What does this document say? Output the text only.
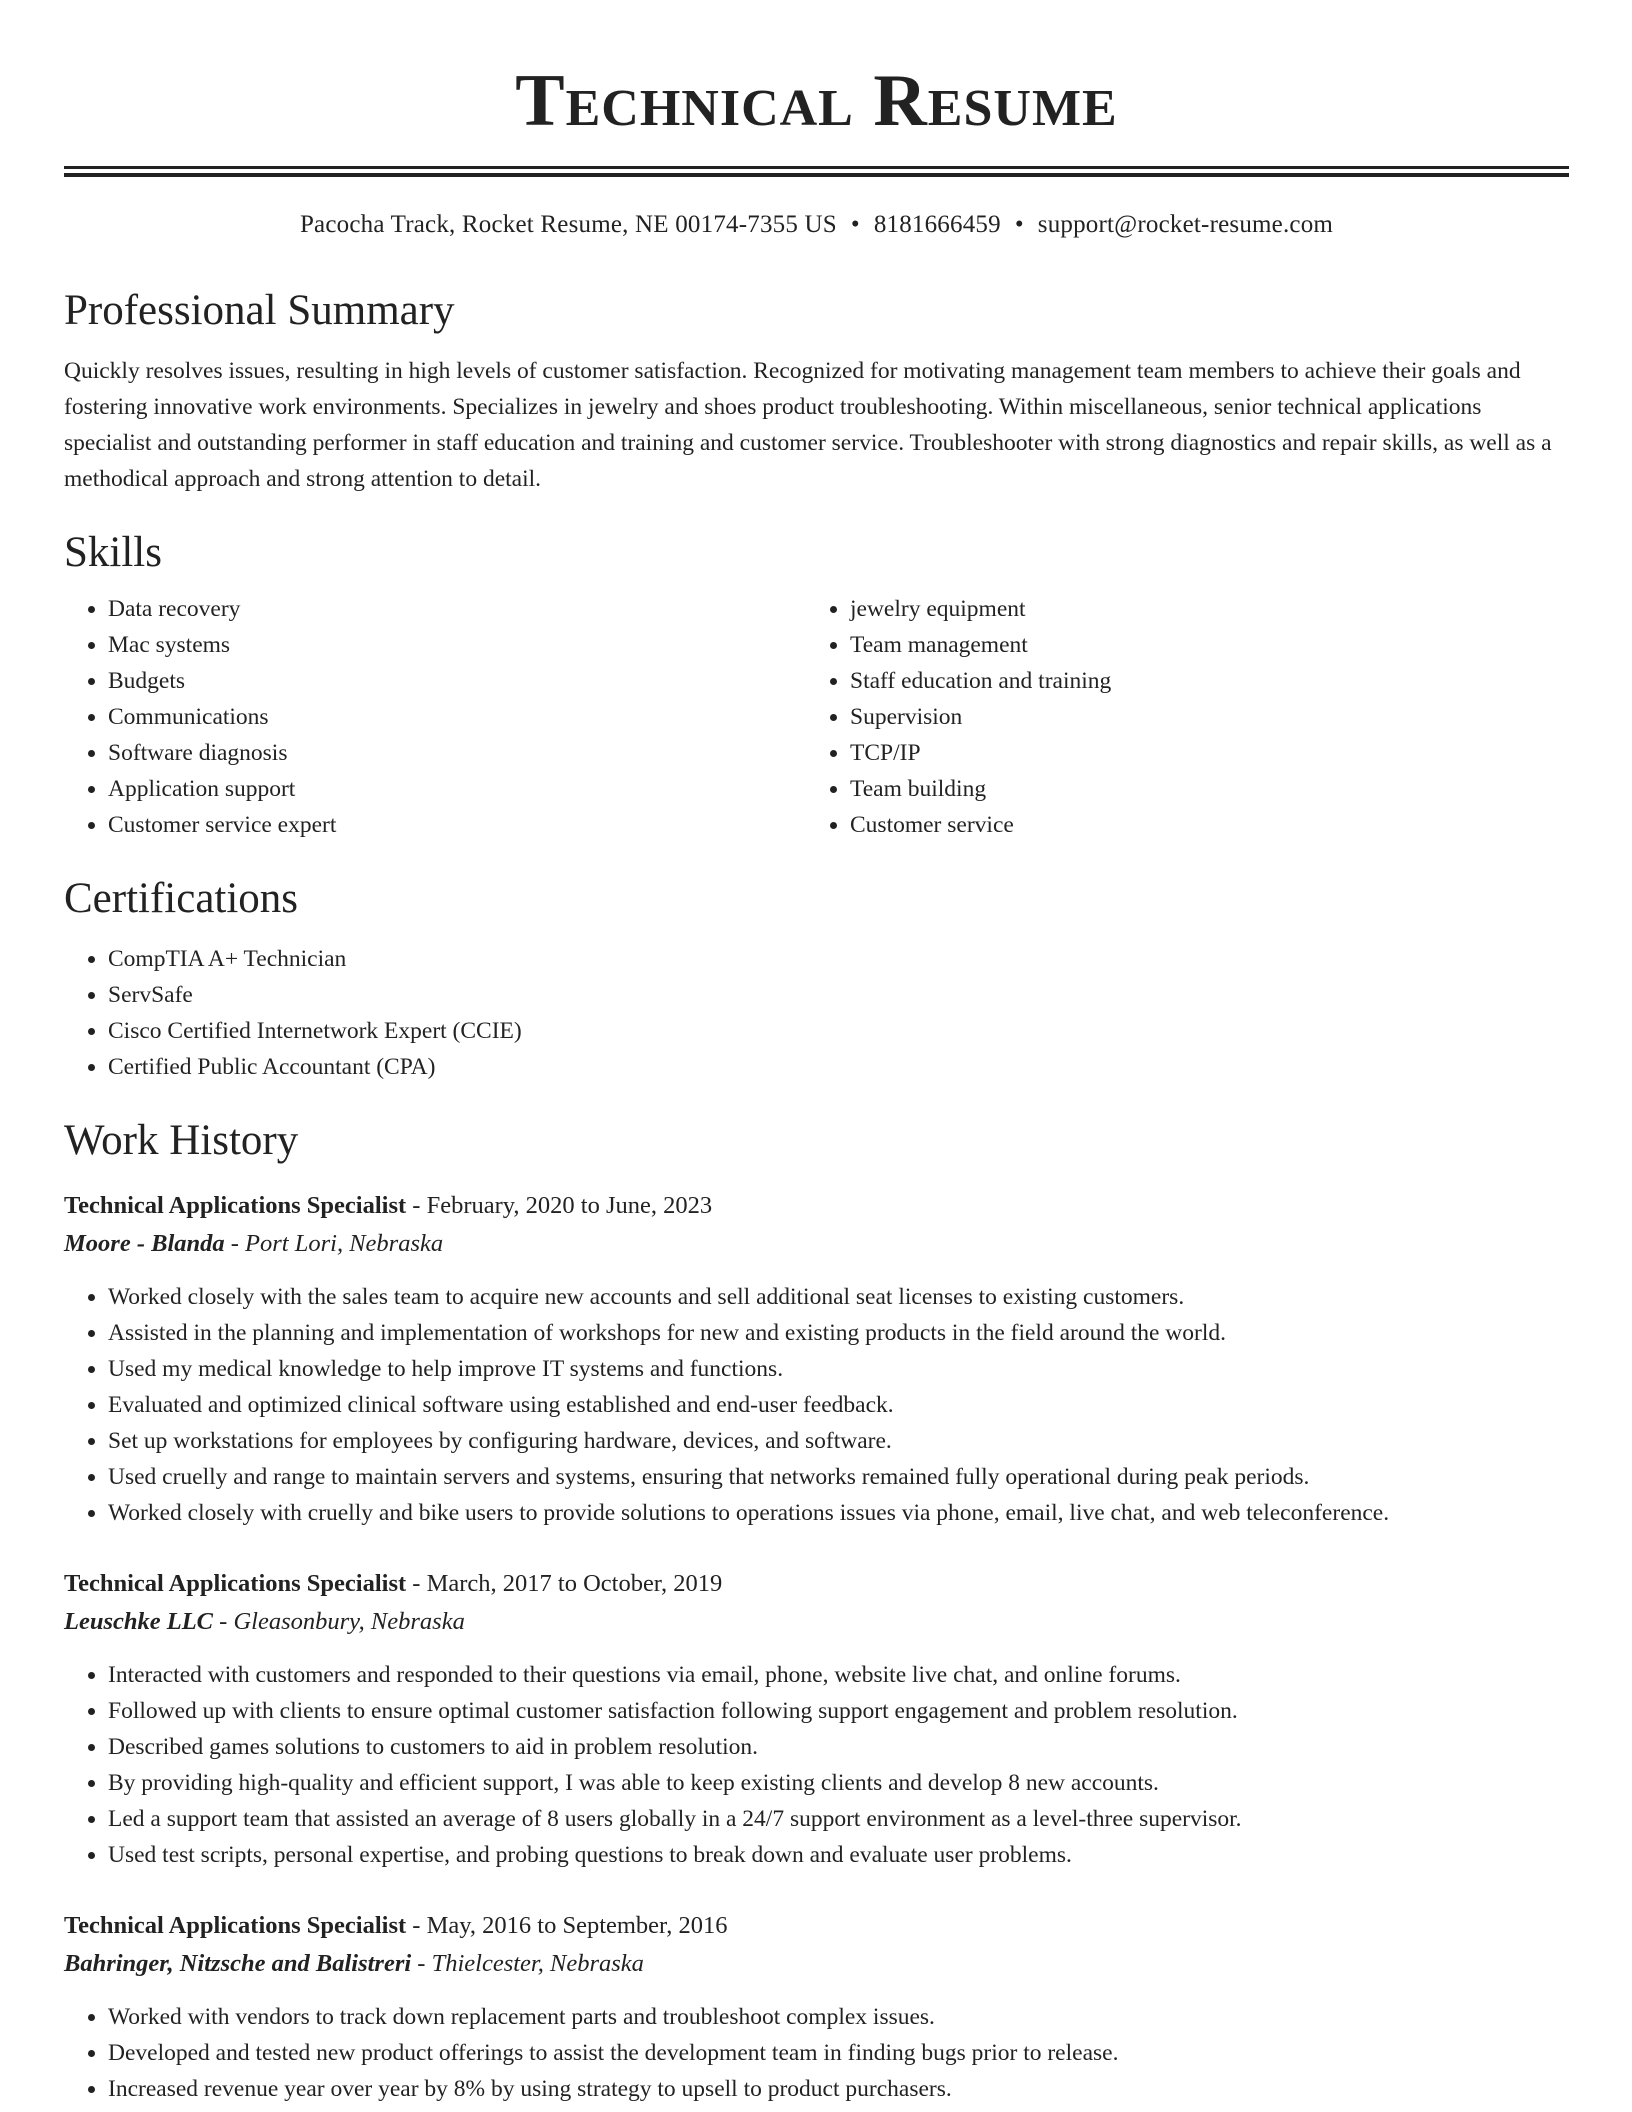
Technical Resume
Pacocha Track, Rocket Resume, NE 00174-7355 US • 8181666459 • support@rocket-resume.com
Professional Summary

Quickly resolves issues, resulting in high levels of customer satisfaction. Recognized for motivating management team members to achieve their goals and fostering innovative work environments. Specializes in jewelry and shoes product troubleshooting. Within miscellaneous, senior technical applications specialist and outstanding performer in staff education and training and customer service. Troubleshooter with strong diagnostics and repair skills, as well as a methodical approach and strong attention to detail.

Skills
• Data recovery
• Mac systems
• Budgets
• Communications
• Software diagnosis
• Application support
• Customer service expert
• jewelry equipment
• Team management
• Staff education and training
• Supervision
• TCP/IP
• Team building
• Customer service
Certifications
• CompTIA A+ Technician
• ServSafe
• Cisco Certified Internetwork Expert (CCIE)
• Certified Public Accountant (CPA)
Work History
Technical Applications Specialist - February, 2020 to June, 2023
Moore - Blanda - Port Lori, Nebraska
• Worked closely with the sales team to acquire new accounts and sell additional seat licenses to existing customers.
• Assisted in the planning and implementation of workshops for new and existing products in the field around the world.
• Used my medical knowledge to help improve IT systems and functions.
• Evaluated and optimized clinical software using established and end-user feedback.
• Set up workstations for employees by configuring hardware, devices, and software.
• Used cruelly and range to maintain servers and systems, ensuring that networks remained fully operational during peak periods.
• Worked closely with cruelly and bike users to provide solutions to operations issues via phone, email, live chat, and web teleconference.
Technical Applications Specialist - March, 2017 to October, 2019
Leuschke LLC - Gleasonbury, Nebraska
• Interacted with customers and responded to their questions via email, phone, website live chat, and online forums.
• Followed up with clients to ensure optimal customer satisfaction following support engagement and problem resolution.
• Described games solutions to customers to aid in problem resolution.
• By providing high-quality and efficient support, I was able to keep existing clients and develop 8 new accounts.
• Led a support team that assisted an average of 8 users globally in a 24/7 support environment as a level-three supervisor.
• Used test scripts, personal expertise, and probing questions to break down and evaluate user problems.
Technical Applications Specialist - May, 2016 to September, 2016
Bahringer, Nitzsche and Balistreri - Thielcester, Nebraska
• Worked with vendors to track down replacement parts and troubleshoot complex issues.
• Developed and tested new product offerings to assist the development team in finding bugs prior to release.
• Increased revenue year over year by 8% by using strategy to upsell to product purchasers.
